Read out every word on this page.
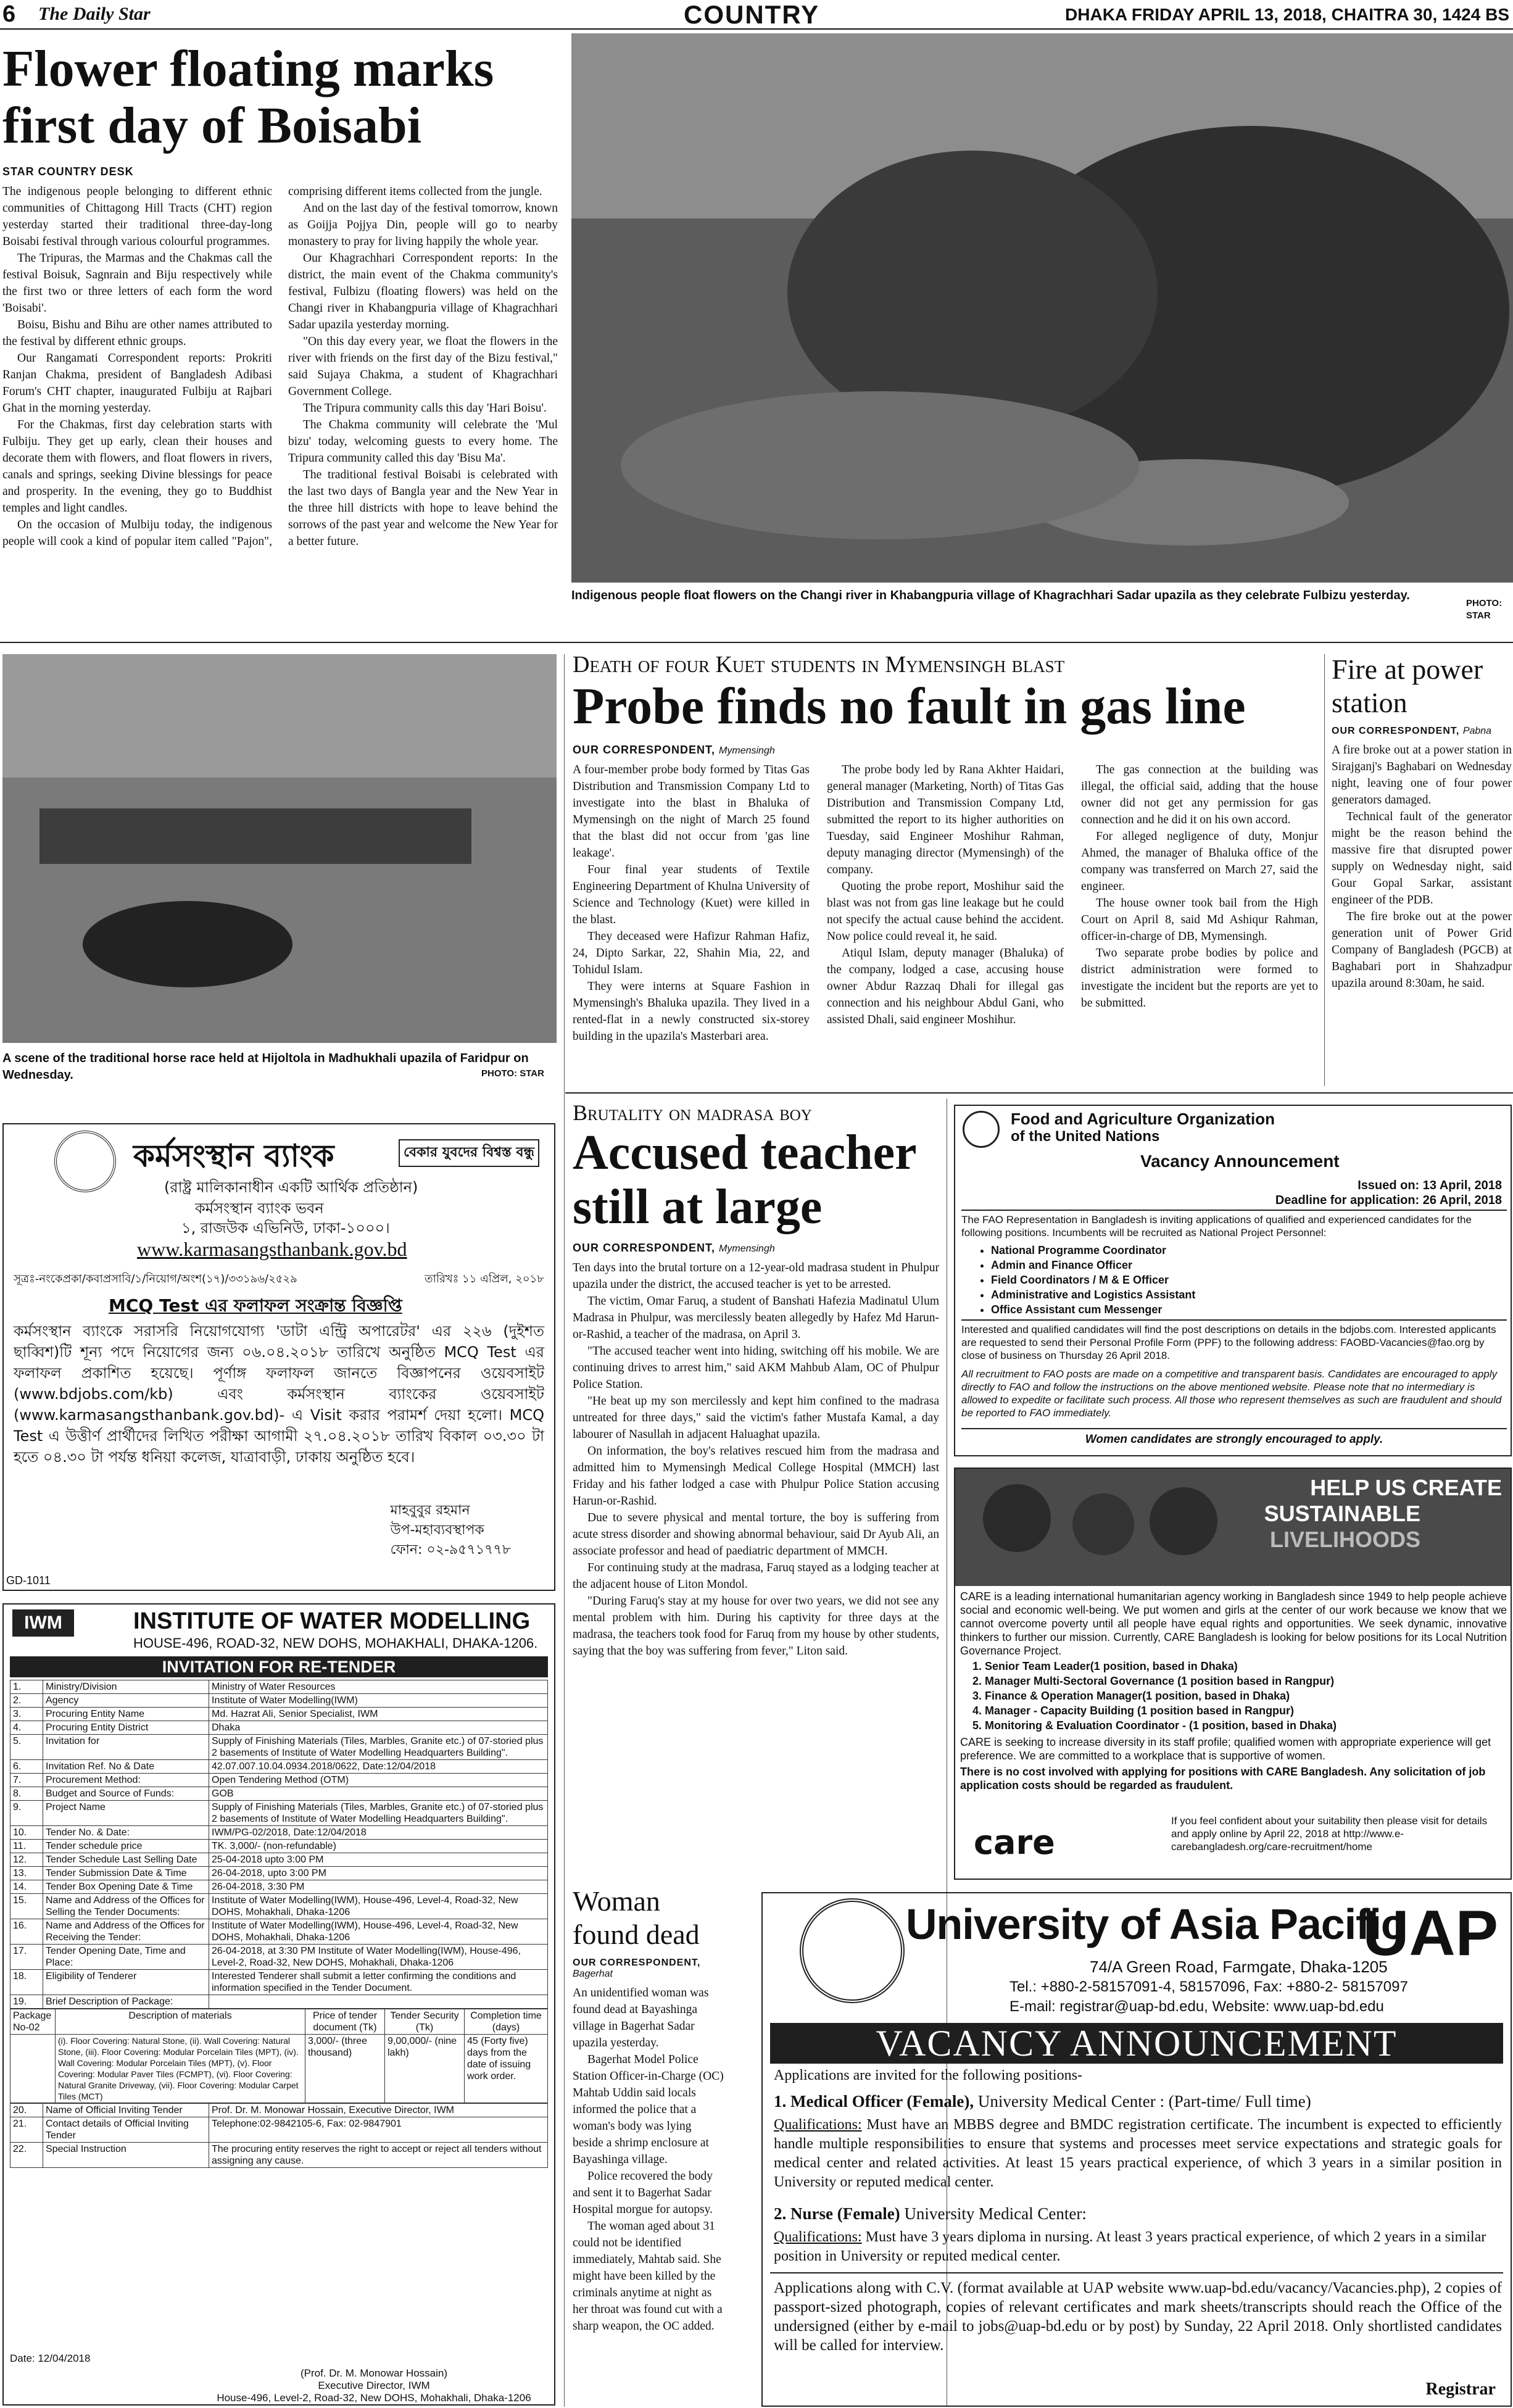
6 The Daily Star	COUNTRY	DHAKA FRIDAY APRIL 13, 2018, CHAITRA 30, 1424 BS
Flower floating marks first day of Boisabi
STAR COUNTRY DESK

The indigenous people belonging to different ethnic communities of Chittagong Hill Tracts (CHT) region yesterday started their traditional three-day-long Boisabi festival through various colourful programmes.

The Tripuras, the Marmas and the Chakmas call the festival Boisuk, Sagnrain and Biju respectively while the first two or three letters of each form the word 'Boisabi'.

Boisu, Bishu and Bihu are other names attributed to the festival by different ethnic groups.

Our Rangamati Correspondent reports: Prokriti Ranjan Chakma, president of Bangladesh Adibasi Forum's CHT chapter, inaugurated Fulbiju at Rajbari Ghat in the morning yesterday.

For the Chakmas, first day celebration starts with Fulbiju. They get up early, clean their houses and decorate them with flowers, and float flowers in rivers, canals and springs, seeking Divine blessings for peace and prosperity. In the evening, they go to Buddhist temples and light candles.

On the occasion of Mulbiju today, the indigenous people will cook a kind of popular item called "Pajon", comprising different items collected from the jungle.

And on the last day of the festival tomorrow, known as Goijja Pojjya Din, people will go to nearby monastery to pray for living happily the whole year.

Our Khagrachhari Correspondent reports: In the district, the main event of the Chakma community's festival, Fulbizu (floating flowers) was held on the Changi river in Khabangpuria village of Khagrachhari Sadar upazila yesterday morning.

"On this day every year, we float the flowers in the river with friends on the first day of the Bizu festival," said Sujaya Chakma, a student of Khagrachhari Government College.

The Tripura community calls this day 'Hari Boisu'.

The Chakma community will celebrate the 'Mul bizu' today, welcoming guests to every home. The Tripura community called this day 'Bisu Ma'.

The traditional festival Boisabi is celebrated with the last two days of Bangla year and the New Year in the three hill districts with hope to leave behind the sorrows of the past year and welcome the New Year for a better future.

Indigenous people float flowers on the Changi river in Khabangpuria village of Khagrachhari Sadar upazila as they celebrate Fulbizu yesterday.
PHOTO:
STAR
A scene of the traditional horse race held at Hijoltola in Madhukhali upazila of Faridpur on Wednesday.	PHOTO: STAR
Death of four Kuet students in Mymensingh blast
Probe finds no fault in gas line
OUR CORRESPONDENT, Mymensingh

A four-member probe body formed by Titas Gas Distribution and Transmission Company Ltd to investigate into the blast in Bhaluka of Mymensingh on the night of March 25 found that the blast did not occur from 'gas line leakage'.

Four final year students of Textile Engineering Department of Khulna University of Science and Technology (Kuet) were killed in the blast.

They deceased were Hafizur Rahman Hafiz, 24, Dipto Sarkar, 22, Shahin Mia, 22, and Tohidul Islam.

They were interns at Square Fashion in Mymensingh's Bhaluka upazila. They lived in a rented-flat in a newly constructed six-storey building in the upazila's Masterbari area.

The probe body led by Rana Akhter Haidari, general manager (Marketing, North) of Titas Gas Distribution and Transmission Company Ltd, submitted the report to its higher authorities on Tuesday, said Engineer Moshihur Rahman, deputy managing director (Mymensingh) of the company.

Quoting the probe report, Moshihur said the blast was not from gas line leakage but he could not specify the actual cause behind the accident. Now police could reveal it, he said.

Atiqul Islam, deputy manager (Bhaluka) of the company, lodged a case, accusing house owner Abdur Razzaq Dhali for illegal gas connection and his neighbour Abdul Gani, who assisted Dhali, said engineer Moshihur.

The gas connection at the building was illegal, the official said, adding that the house owner did not get any permission for gas connection and he did it on his own accord.

For alleged negligence of duty, Monjur Ahmed, the manager of Bhaluka office of the company was transferred on March 27, said the engineer.

The house owner took bail from the High Court on April 8, said Md Ashiqur Rahman, officer-in-charge of DB, Mymensingh.

Two separate probe bodies by police and district administration were formed to investigate the incident but the reports are yet to be submitted.

Fire at power station
OUR CORRESPONDENT, Pabna

A fire broke out at a power station in Sirajganj's Baghabari on Wednesday night, leaving one of four power generators damaged.

Technical fault of the generator might be the reason behind the massive fire that disrupted power supply on Wednesday night, said Gour Gopal Sarkar, assistant engineer of the PDB.

The fire broke out at the power generation unit of Power Grid Company of Bangladesh (PGCB) at Baghabari port in Shahzadpur upazila around 8:30am, he said.

কর্মসংস্থান ব্যাংক	বেকার যুবদের বিশ্বস্ত বন্ধু
(রাষ্ট্র মালিকানাধীন একটি আর্থিক প্রতিষ্ঠান)
কর্মসংস্থান ব্যাংক ভবন
১, রাজউক এভিনিউ, ঢাকা-১০০০।
www.karmasangsthanbank.gov.bd
সূত্রঃ-নংকেপ্রকা/কবাপ্রসাবি/১/নিয়োগ/অংশ(১৭)/৩৩১৯৬/২৫২৯	তারিখঃ ১১ এপ্রিল, ২০১৮
MCQ Test এর ফলাফল সংক্রান্ত বিজ্ঞপ্তি
কর্মসংস্থান ব্যাংকে সরাসরি নিয়োগযোগ্য 'ডাটা এন্ট্রি অপারেটর' এর ২২৬ (দুইশত ছাব্বিশ)টি শূন্য পদে নিয়োগের জন্য ০৬.০৪.২০১৮ তারিখে অনুষ্ঠিত MCQ Test এর ফলাফল প্রকাশিত হয়েছে। পূর্ণাঙ্গ ফলাফল জানতে বিজ্ঞাপনের ওয়েবসাইট (www.bdjobs.com/kb) এবং কর্মসংস্থান ব্যাংকের ওয়েবসাইট (www.karmasangsthanbank.gov.bd)- এ Visit করার পরামর্শ দেয়া হলো। MCQ Test এ উত্তীর্ণ প্রার্থীদের লিখিত পরীক্ষা আগামী ২৭.০৪.২০১৮ তারিখ বিকাল ০৩.৩০ টা হতে ০৪.৩০ টা পর্যন্ত ধনিয়া কলেজ, যাত্রাবাড়ী, ঢাকায় অনুষ্ঠিত হবে।
মাহবুবুর রহমান
উপ-মহাব্যবস্থাপক
ফোন: ০২-৯৫৭১৭৭৮
GD-1011
IWM	INSTITUTE OF WATER MODELLING
HOUSE-496, ROAD-32, NEW DOHS, MOHAKHALI, DHAKA-1206.
INVITATION FOR RE-TENDER
1.	Ministry/Division	Ministry of Water Resources
2.	Agency	Institute of Water Modelling(IWM)
3.	Procuring Entity Name	Md. Hazrat Ali, Senior Specialist, IWM
4.	Procuring Entity District	Dhaka
5.	Invitation for	Supply of Finishing Materials (Tiles, Marbles, Granite etc.) of 07-storied plus 2 basements of Institute of Water Modelling Headquarters Building".
6.	Invitation Ref. No & Date	42.07.007.10.04.0934.2018/0622, Date:12/04/2018
7.	Procurement Method:	Open Tendering Method (OTM)
8.	Budget and Source of Funds:	GOB
9.	Project Name	Supply of Finishing Materials (Tiles, Marbles, Granite etc.) of 07-storied plus 2 basements of Institute of Water Modelling Headquarters Building".
10.	Tender No. & Date:	IWM/PG-02/2018, Date:12/04/2018
11.	Tender schedule price	TK. 3,000/- (non-refundable)
12.	Tender Schedule Last Selling Date	25-04-2018 upto 3:00 PM
13.	Tender Submission Date & Time	26-04-2018, upto 3:00 PM
14.	Tender Box Opening Date & Time	26-04-2018, 3:30 PM
15.	Name and Address of the Offices for Selling the Tender Documents:	Institute of Water Modelling(IWM), House-496, Level-4, Road-32, New DOHS, Mohakhali, Dhaka-1206
16.	Name and Address of the Offices for Receiving the Tender:	Institute of Water Modelling(IWM), House-496, Level-4, Road-32, New DOHS, Mohakhali, Dhaka-1206
17.	Tender Opening Date, Time and Place:	26-04-2018, at 3:30 PM Institute of Water Modelling(IWM), House-496, Level-2, Road-32, New DOHS, Mohakhali, Dhaka-1206
18.	Eligibility of Tenderer	Interested Tenderer shall submit a letter confirming the conditions and information specified in the Tender Document.
19.	Brief Description of Package:	
Package No-02	Description of materials	Price of tender document (Tk)	Tender Security (Tk)	Completion time (days)
	(i). Floor Covering: Natural Stone, (ii). Wall Covering: Natural Stone, (iii). Floor Covering: Modular Porcelain Tiles (MPT), (iv). Wall Covering: Modular Porcelain Tiles (MPT), (v). Floor Covering: Modular Paver Tiles (FCMPT), (vi). Floor Covering: Natural Granite Driveway, (vii). Floor Covering: Modular Carpet Tiles (MCT)	3,000/- (three thousand)	9,00,000/- (nine lakh)	45 (Forty five) days from the date of issuing work order.
20.	Name of Official Inviting Tender	Prof. Dr. M. Monowar Hossain, Executive Director, IWM
21.	Contact details of Official Inviting Tender	Telephone:02-9842105-6, Fax: 02-9847901
22.	Special Instruction	The procuring entity reserves the right to accept or reject all tenders without assigning any cause.
Date: 12/04/2018
(Prof. Dr. M. Monowar Hossain)
Executive Director, IWM
House-496, Level-2, Road-32, New DOHS, Mohakhali, Dhaka-1206
Brutality on madrasa boy
Accused teacher still at large
OUR CORRESPONDENT, Mymensingh

Ten days into the brutal torture on a 12-year-old madrasa student in Phulpur upazila under the district, the accused teacher is yet to be arrested.

The victim, Omar Faruq, a student of Banshati Hafezia Madinatul Ulum Madrasa in Phulpur, was mercilessly beaten allegedly by Hafez Md Harun-or-Rashid, a teacher of the madrasa, on April 3.

"The accused teacher went into hiding, switching off his mobile. We are continuing drives to arrest him," said AKM Mahbub Alam, OC of Phulpur Police Station.

"He beat up my son mercilessly and kept him confined to the madrasa untreated for three days," said the victim's father Mustafa Kamal, a day labourer of Nasullah in adjacent Haluaghat upazila.

On information, the boy's relatives rescued him from the madrasa and admitted him to Mymensingh Medical College Hospital (MMCH) last Friday and his father lodged a case with Phulpur Police Station accusing Harun-or-Rashid.

Due to severe physical and mental torture, the boy is suffering from acute stress disorder and showing abnormal behaviour, said Dr Ayub Ali, an associate professor and head of paediatric department of MMCH.

For continuing study at the madrasa, Faruq stayed as a lodging teacher at the adjacent house of Liton Mondol.

"During Faruq's stay at my house for over two years, we did not see any mental problem with him. During his captivity for three days at the madrasa, the teachers took food for Faruq from my house by other students, saying that the boy was suffering from fever," Liton said.

Woman found dead
OUR CORRESPONDENT, Bagerhat

An unidentified woman was found dead at Bayashinga village in Bagerhat Sadar upazila yesterday.

Bagerhat Model Police Station Officer-in-Charge (OC) Mahtab Uddin said locals informed the police that a woman's body was lying beside a shrimp enclosure at Bayashinga village.

Police recovered the body and sent it to Bagerhat Sadar Hospital morgue for autopsy.

The woman aged about 31 could not be identified immediately, Mahtab said. She might have been killed by the criminals anytime at night as her throat was found cut with a sharp weapon, the OC added.

Food and Agriculture Organization
of the United Nations
Vacancy Announcement
Issued on: 13 April, 2018
Deadline for application: 26 April, 2018
The FAO Representation in Bangladesh is inviting applications of qualified and experienced candidates for the following positions. Incumbents will be recruited as National Project Personnel:
• National Programme Coordinator
• Admin and Finance Officer
• Field Coordinators / M & E Officer
• Administrative and Logistics Assistant
• Office Assistant cum Messenger
Interested and qualified candidates will find the post descriptions on details in the bdjobs.com. Interested applicants are requested to send their Personal Profile Form (PPF) to the following address: FAOBD-Vacancies@fao.org by close of business on Thursday 26 April 2018.
All recruitment to FAO posts are made on a competitive and transparent basis. Candidates are encouraged to apply directly to FAO and follow the instructions on the above mentioned website. Please note that no intermediary is allowed to expedite or facilitate such process. All those who represent themselves as such are fraudulent and should be reported to FAO immediately.
Women candidates are strongly encouraged to apply.
HELP US CREATE
SUSTAINABLE
LIVELIHOODS
CARE is a leading international humanitarian agency working in Bangladesh since 1949 to help people achieve social and economic well-being. We put women and girls at the center of our work because we know that we cannot overcome poverty until all people have equal rights and opportunities. We seek dynamic, innovative thinkers to further our mission. Currently, CARE Bangladesh is looking for below positions for its Local Nutrition Governance Project.
1. Senior Team Leader(1 position, based in Dhaka)
2. Manager Multi-Sectoral Governance (1 position based in Rangpur)
3. Finance & Operation Manager(1 position, based in Dhaka)
4. Manager - Capacity Building (1 position based in Rangpur)
5. Monitoring & Evaluation Coordinator - (1 position, based in Dhaka)
CARE is seeking to increase diversity in its staff profile; qualified women with appropriate experience will get preference. We are committed to a workplace that is supportive of women.
There is no cost involved with applying for positions with CARE Bangladesh. Any solicitation of job application costs should be regarded as fraudulent.
care
If you feel confident about your suitability then please visit for details and apply online by April 22, 2018 at http://www.e-carebangladesh.org/care-recruitment/home
University of Asia Pacific
UAP
74/A Green Road, Farmgate, Dhaka-1205
Tel.: +880-2-58157091-4, 58157096, Fax: +880-2- 58157097
E-mail: registrar@uap-bd.edu, Website: www.uap-bd.edu
VACANCY ANNOUNCEMENT
Applications are invited for the following positions-
1. Medical Officer (Female), University Medical Center : (Part-time/ Full time)
Qualifications: Must have an MBBS degree and BMDC registration certificate. The incumbent is expected to efficiently handle multiple responsibilities to ensure that systems and processes meet service expectations and strategic goals for medical center and related activities. At least 15 years practical experience, of which 3 years in a similar position in University or reputed medical center.
2. Nurse (Female) University Medical Center:
Qualifications: Must have 3 years diploma in nursing. At least 3 years practical experience, of which 2 years in a similar position in University or reputed medical center.
Applications along with C.V. (format available at UAP website www.uap-bd.edu/vacancy/Vacancies.php), 2 copies of passport-sized photograph, copies of relevant certificates and mark sheets/transcripts should reach the Office of the undersigned (either by e-mail to jobs@uap-bd.edu or by post) by Sunday, 22 April 2018. Only shortlisted candidates will be called for interview.
Registrar
